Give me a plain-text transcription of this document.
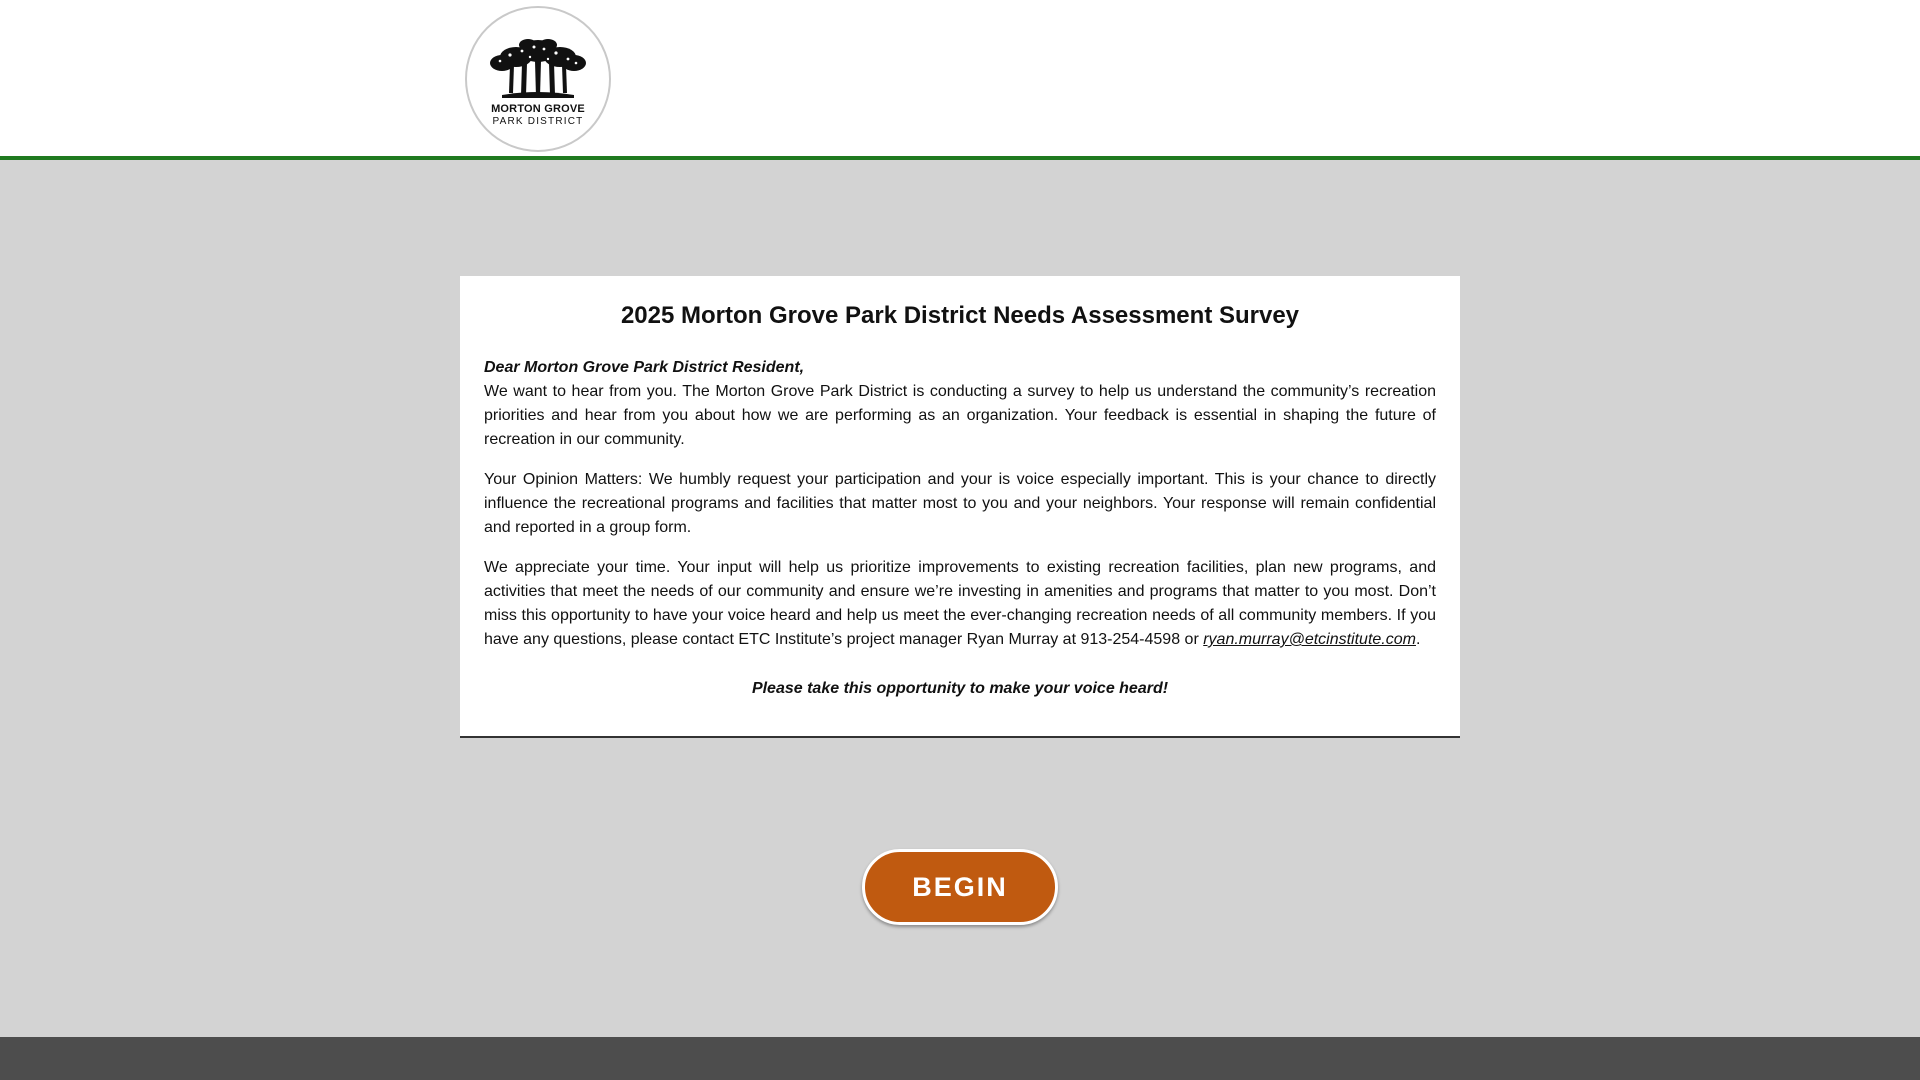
MORTON GROVE
PARK DISTRICT
2025 Morton Grove Park District Needs Assessment Survey

Dear Morton Grove Park District Resident,

We want to hear from you. The Morton Grove Park District is conducting a survey to help us understand the community’s recreation priorities and hear from you about how we are performing as an organization. Your feedback is essential in shaping the future of recreation in our community.

Your Opinion Matters: We humbly request your participation and your is voice especially important. This is your chance to directly influence the recreational programs and facilities that matter most to you and your neighbors. Your response will remain confidential and reported in a group form.

We appreciate your time. Your input will help us prioritize improvements to existing recreation facilities, plan new programs, and activities that meet the needs of our community and ensure we’re investing in amenities and programs that matter to you most. Don’t miss this opportunity to have your voice heard and help us meet the ever-changing recreation needs of all community members. If you have any questions, please contact ETC Institute’s project manager Ryan Murray at 913-254-4598 or ryan.murray@etcinstitute.com.

Please take this opportunity to make your voice heard!
BEGIN
